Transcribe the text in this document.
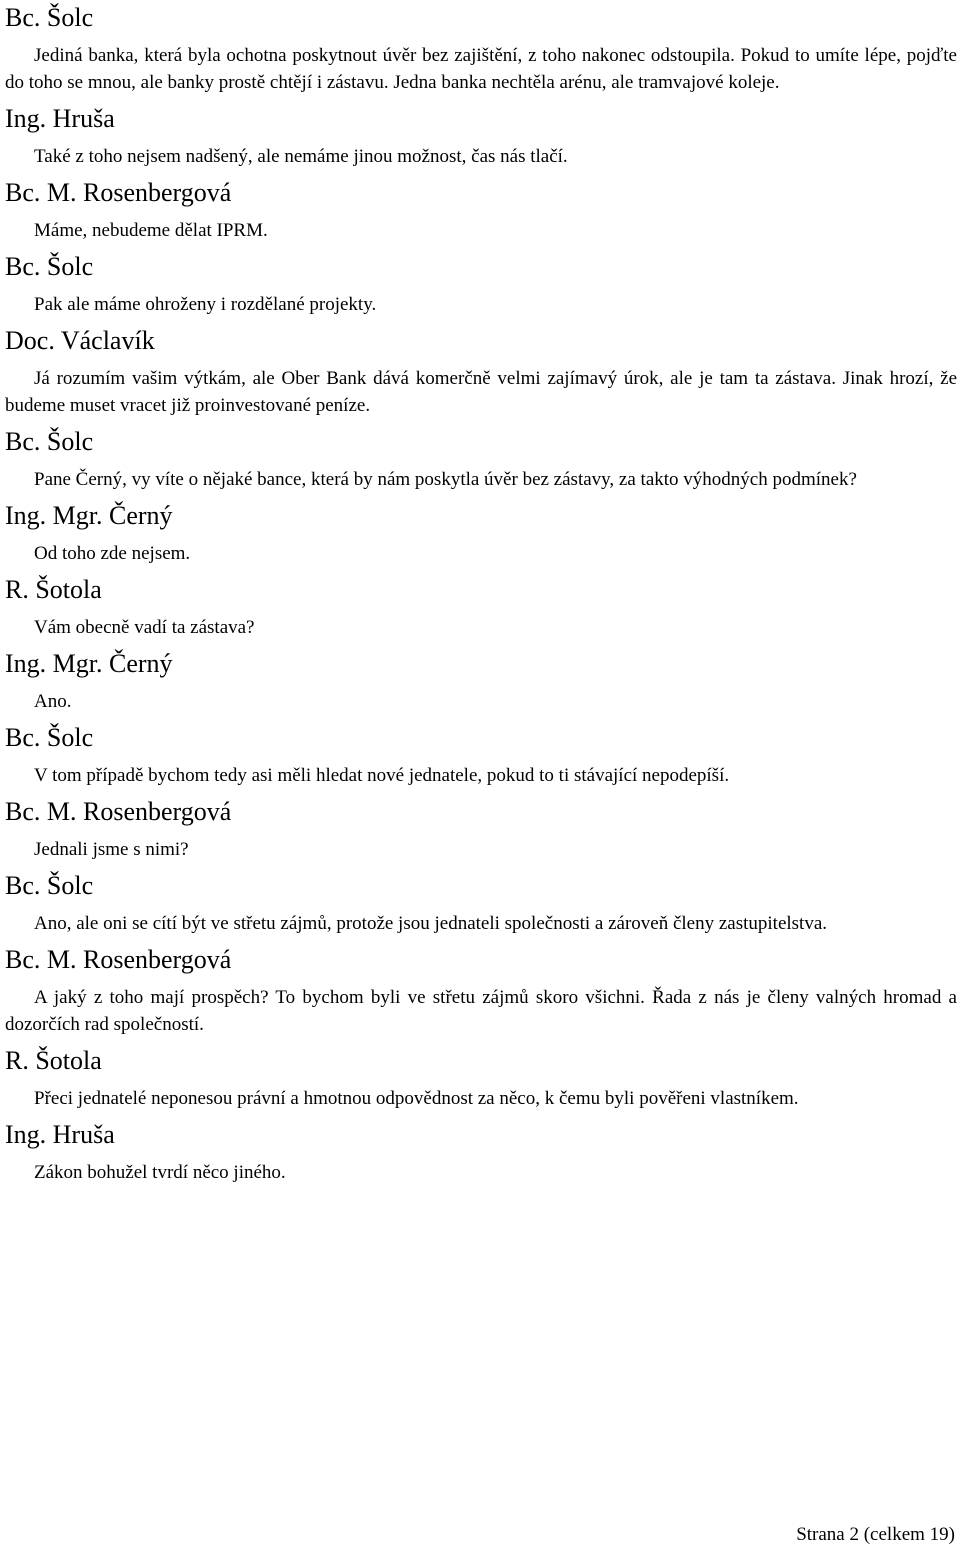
Bc. Šolc
Jediná banka, která byla ochotna poskytnout úvěr bez zajištění, z toho nakonec odstoupila. Pokud to umíte lépe, pojďte do toho se mnou, ale banky prostě chtějí i zástavu. Jedna banka nechtěla arénu, ale tramvajové koleje.
Ing. Hruša
Také z toho nejsem nadšený, ale nemáme jinou možnost, čas nás tlačí.
Bc. M. Rosenbergová
Máme, nebudeme dělat IPRM.
Bc. Šolc
Pak ale máme ohroženy i rozdělané projekty.
Doc. Václavík
Já rozumím vašim výtkám, ale Ober Bank dává komerčně velmi zajímavý úrok, ale je tam ta zástava. Jinak hrozí, že budeme muset vracet již proinvestované peníze.
Bc. Šolc
Pane Černý, vy víte o nějaké bance, která by nám poskytla úvěr bez zástavy, za takto výhodných podmínek?
Ing. Mgr. Černý
Od toho zde nejsem.
R. Šotola
Vám obecně vadí ta zástava?
Ing. Mgr. Černý
Ano.
Bc. Šolc
V tom případě bychom tedy asi měli hledat nové jednatele, pokud to ti stávající nepodepíší.
Bc. M. Rosenbergová
Jednali jsme s nimi?
Bc. Šolc
Ano, ale oni se cítí být ve střetu zájmů, protože jsou jednateli společnosti a zároveň členy zastupitelstva.
Bc. M. Rosenbergová
A jaký z toho mají prospěch? To bychom byli ve střetu zájmů skoro všichni. Řada z nás je členy valných hromad a dozorčích rad společností.
R. Šotola
Přeci jednatelé neponesou právní a hmotnou odpovědnost za něco, k čemu byli pověřeni vlastníkem.
Ing. Hruša
Zákon bohužel tvrdí něco jiného.
Strana 2 (celkem 19)
